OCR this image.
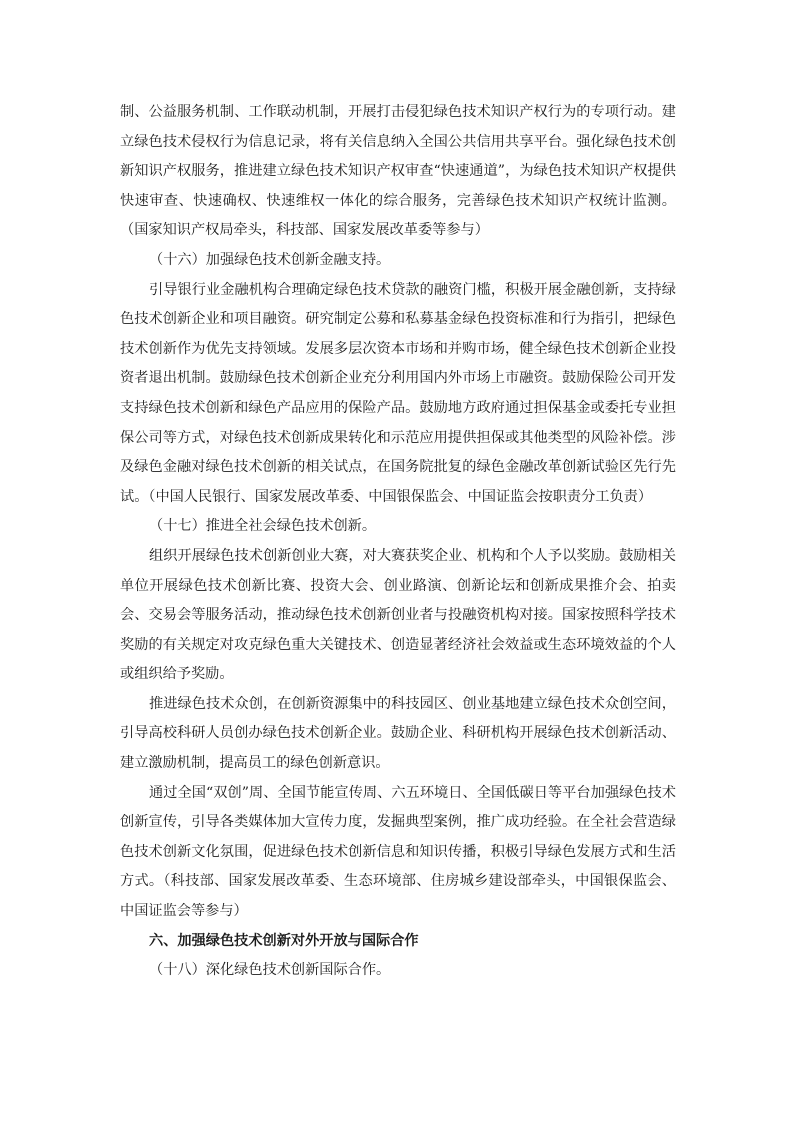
制、公益服务机制、工作联动机制，开展打击侵犯绿色技术知识产权行为的专项行动。建立绿色技术侵权行为信息记录，将有关信息纳入全国公共信用共享平台。强化绿色技术创新知识产权服务，推进建立绿色技术知识产权审查“快速通道”，为绿色技术知识产权提供快速审查、快速确权、快速维权一体化的综合服务，完善绿色技术知识产权统计监测。（国家知识产权局牵头，科技部、国家发展改革委等参与）

（十六）加强绿色技术创新金融支持。

引导银行业金融机构合理确定绿色技术贷款的融资门槛，积极开展金融创新，支持绿色技术创新企业和项目融资。研究制定公募和私募基金绿色投资标准和行为指引，把绿色技术创新作为优先支持领域。发展多层次资本市场和并购市场，健全绿色技术创新企业投资者退出机制。鼓励绿色技术创新企业充分利用国内外市场上市融资。鼓励保险公司开发支持绿色技术创新和绿色产品应用的保险产品。鼓励地方政府通过担保基金或委托专业担保公司等方式，对绿色技术创新成果转化和示范应用提供担保或其他类型的风险补偿。涉及绿色金融对绿色技术创新的相关试点，在国务院批复的绿色金融改革创新试验区先行先试。（中国人民银行、国家发展改革委、中国银保监会、中国证监会按职责分工负责）

（十七）推进全社会绿色技术创新。

组织开展绿色技术创新创业大赛，对大赛获奖企业、机构和个人予以奖励。鼓励相关单位开展绿色技术创新比赛、投资大会、创业路演、创新论坛和创新成果推介会、拍卖会、交易会等服务活动，推动绿色技术创新创业者与投融资机构对接。国家按照科学技术奖励的有关规定对攻克绿色重大关键技术、创造显著经济社会效益或生态环境效益的个人或组织给予奖励。

推进绿色技术众创，在创新资源集中的科技园区、创业基地建立绿色技术众创空间，引导高校科研人员创办绿色技术创新企业。鼓励企业、科研机构开展绿色技术创新活动、建立激励机制，提高员工的绿色创新意识。

通过全国“双创”周、全国节能宣传周、六五环境日、全国低碳日等平台加强绿色技术创新宣传，引导各类媒体加大宣传力度，发掘典型案例，推广成功经验。在全社会营造绿色技术创新文化氛围，促进绿色技术创新信息和知识传播，积极引导绿色发展方式和生活方式。（科技部、国家发展改革委、生态环境部、住房城乡建设部牵头，中国银保监会、中国证监会等参与）

六、加强绿色技术创新对外开放与国际合作

（十八）深化绿色技术创新国际合作。
